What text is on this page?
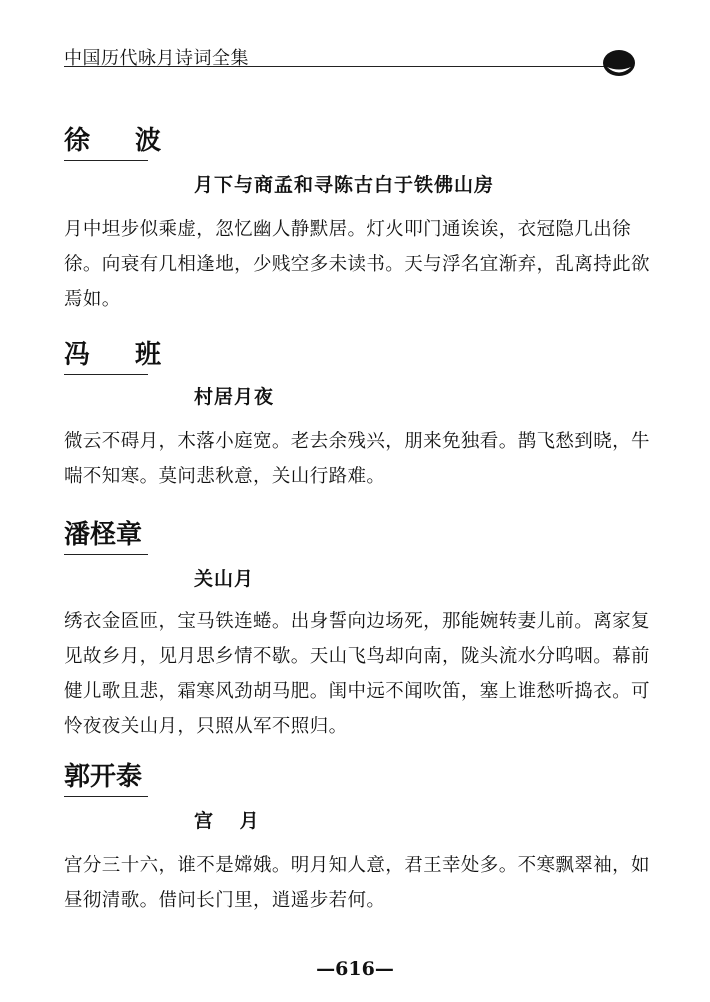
中国历代咏月诗词全集
徐 波
月下与商孟和寻陈古白于铁佛山房
月中坦步似乘虚，忽忆幽人静默居。灯火叩门通诶诶，衣冠隐几出徐徐。向衰有几相逢地，少贱空多未读书。天与浮名宜渐弃，乱离持此欲焉如。
冯 班
村居月夜
微云不碍月，木落小庭宽。老去余残兴，朋来免独看。鹊飞愁到晓，牛喘不知寒。莫问悲秋意，关山行路难。
潘柽章
关山月
绣衣金匼匝，宝马铁连蜷。出身誓向边场死，那能婉转妻儿前。离家复见故乡月，见月思乡情不歇。天山飞鸟却向南，陇头流水分呜咽。幕前健儿歌且悲，霜寒风劲胡马肥。闺中远不闻吹笛，塞上谁愁听捣衣。可怜夜夜关山月，只照从军不照归。
郭开泰
宫 月
宫分三十六，谁不是嫦娥。明月知人意，君王幸处多。不寒飘翠袖，如昼彻清歌。借问长门里，逍遥步若何。
—616—
